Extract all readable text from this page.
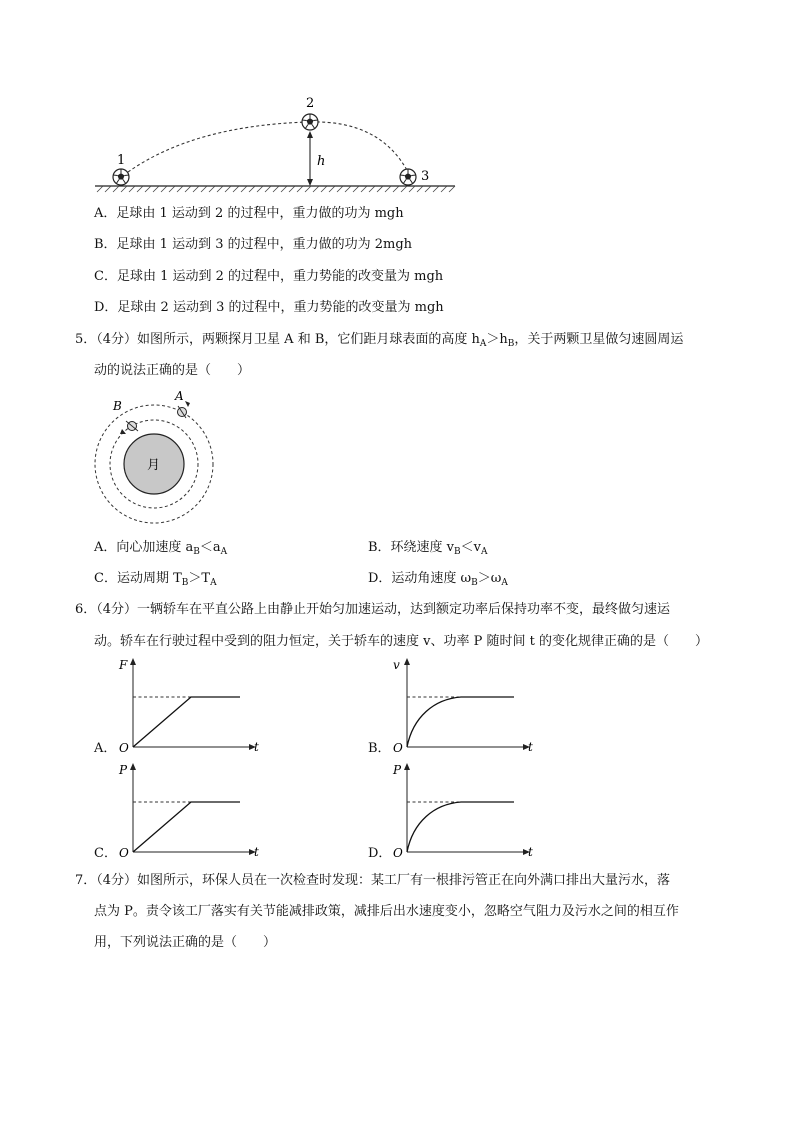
h
1
2
3
A．足球由 1 运动到 2 的过程中，重力做的功为 mgh
B．足球由 1 运动到 3 的过程中，重力做的功为 2mgh
C．足球由 1 运动到 2 的过程中，重力势能的改变量为 mgh
D．足球由 2 运动到 3 的过程中，重力势能的改变量为 mgh
5．（4分）如图所示，两颗探月卫星 A 和 B，它们距月球表面的高度 $h_A>h_B$，关于两颗卫星做匀速圆周运
动的说法正确的是（　　）
月
A
B
A．向心加速度 $a_B<a_A$	B．环绕速度 $v_B<v_A$
C．运动周期 $T_B>T_A$	D．运动角速度 $\omega_B>\omega_A$
6．（4分）一辆轿车在平直公路上由静止开始匀加速运动，达到额定功率后保持功率不变，最终做匀速运
动。轿车在行驶过程中受到的阻力恒定，关于轿车的速度 v、功率 P 随时间 t 的变化规律正确的是（　　）
A．
F
t
O	B．
v
t
O
C．
P
t
O	D．
P
t
O
7．（4分）如图所示，环保人员在一次检查时发现：某工厂有一根排污管正在向外满口排出大量污水，落
点为 P。责令该工厂落实有关节能减排政策，减排后出水速度变小，忽略空气阻力及污水之间的相互作
用，下列说法正确的是（　　）
